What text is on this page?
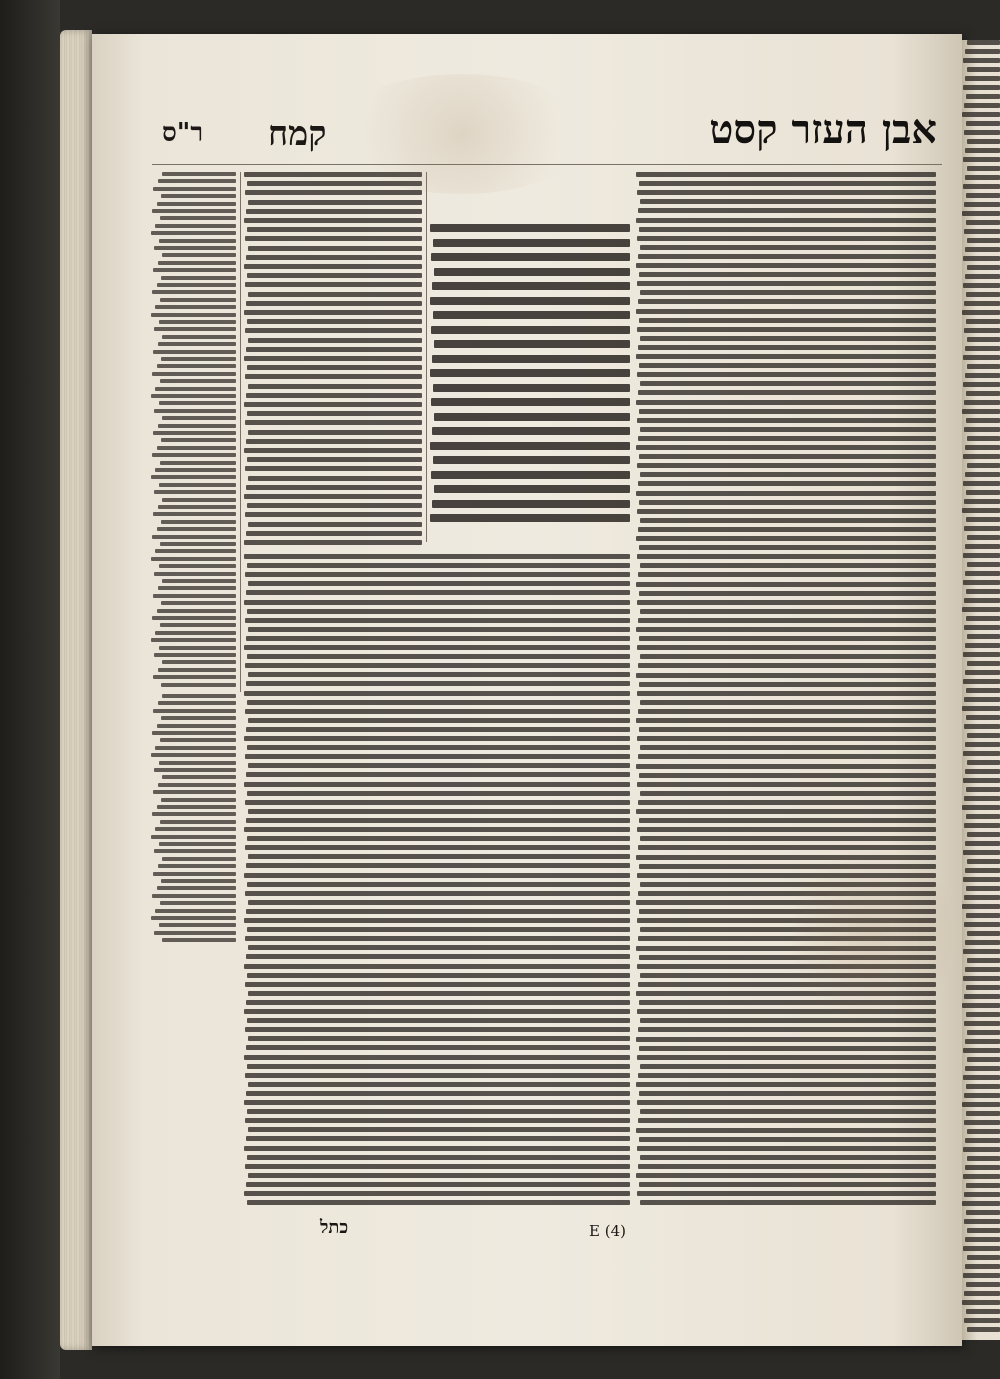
ר"ס קמח	אבן העזר קסט
כתל	E (4)
